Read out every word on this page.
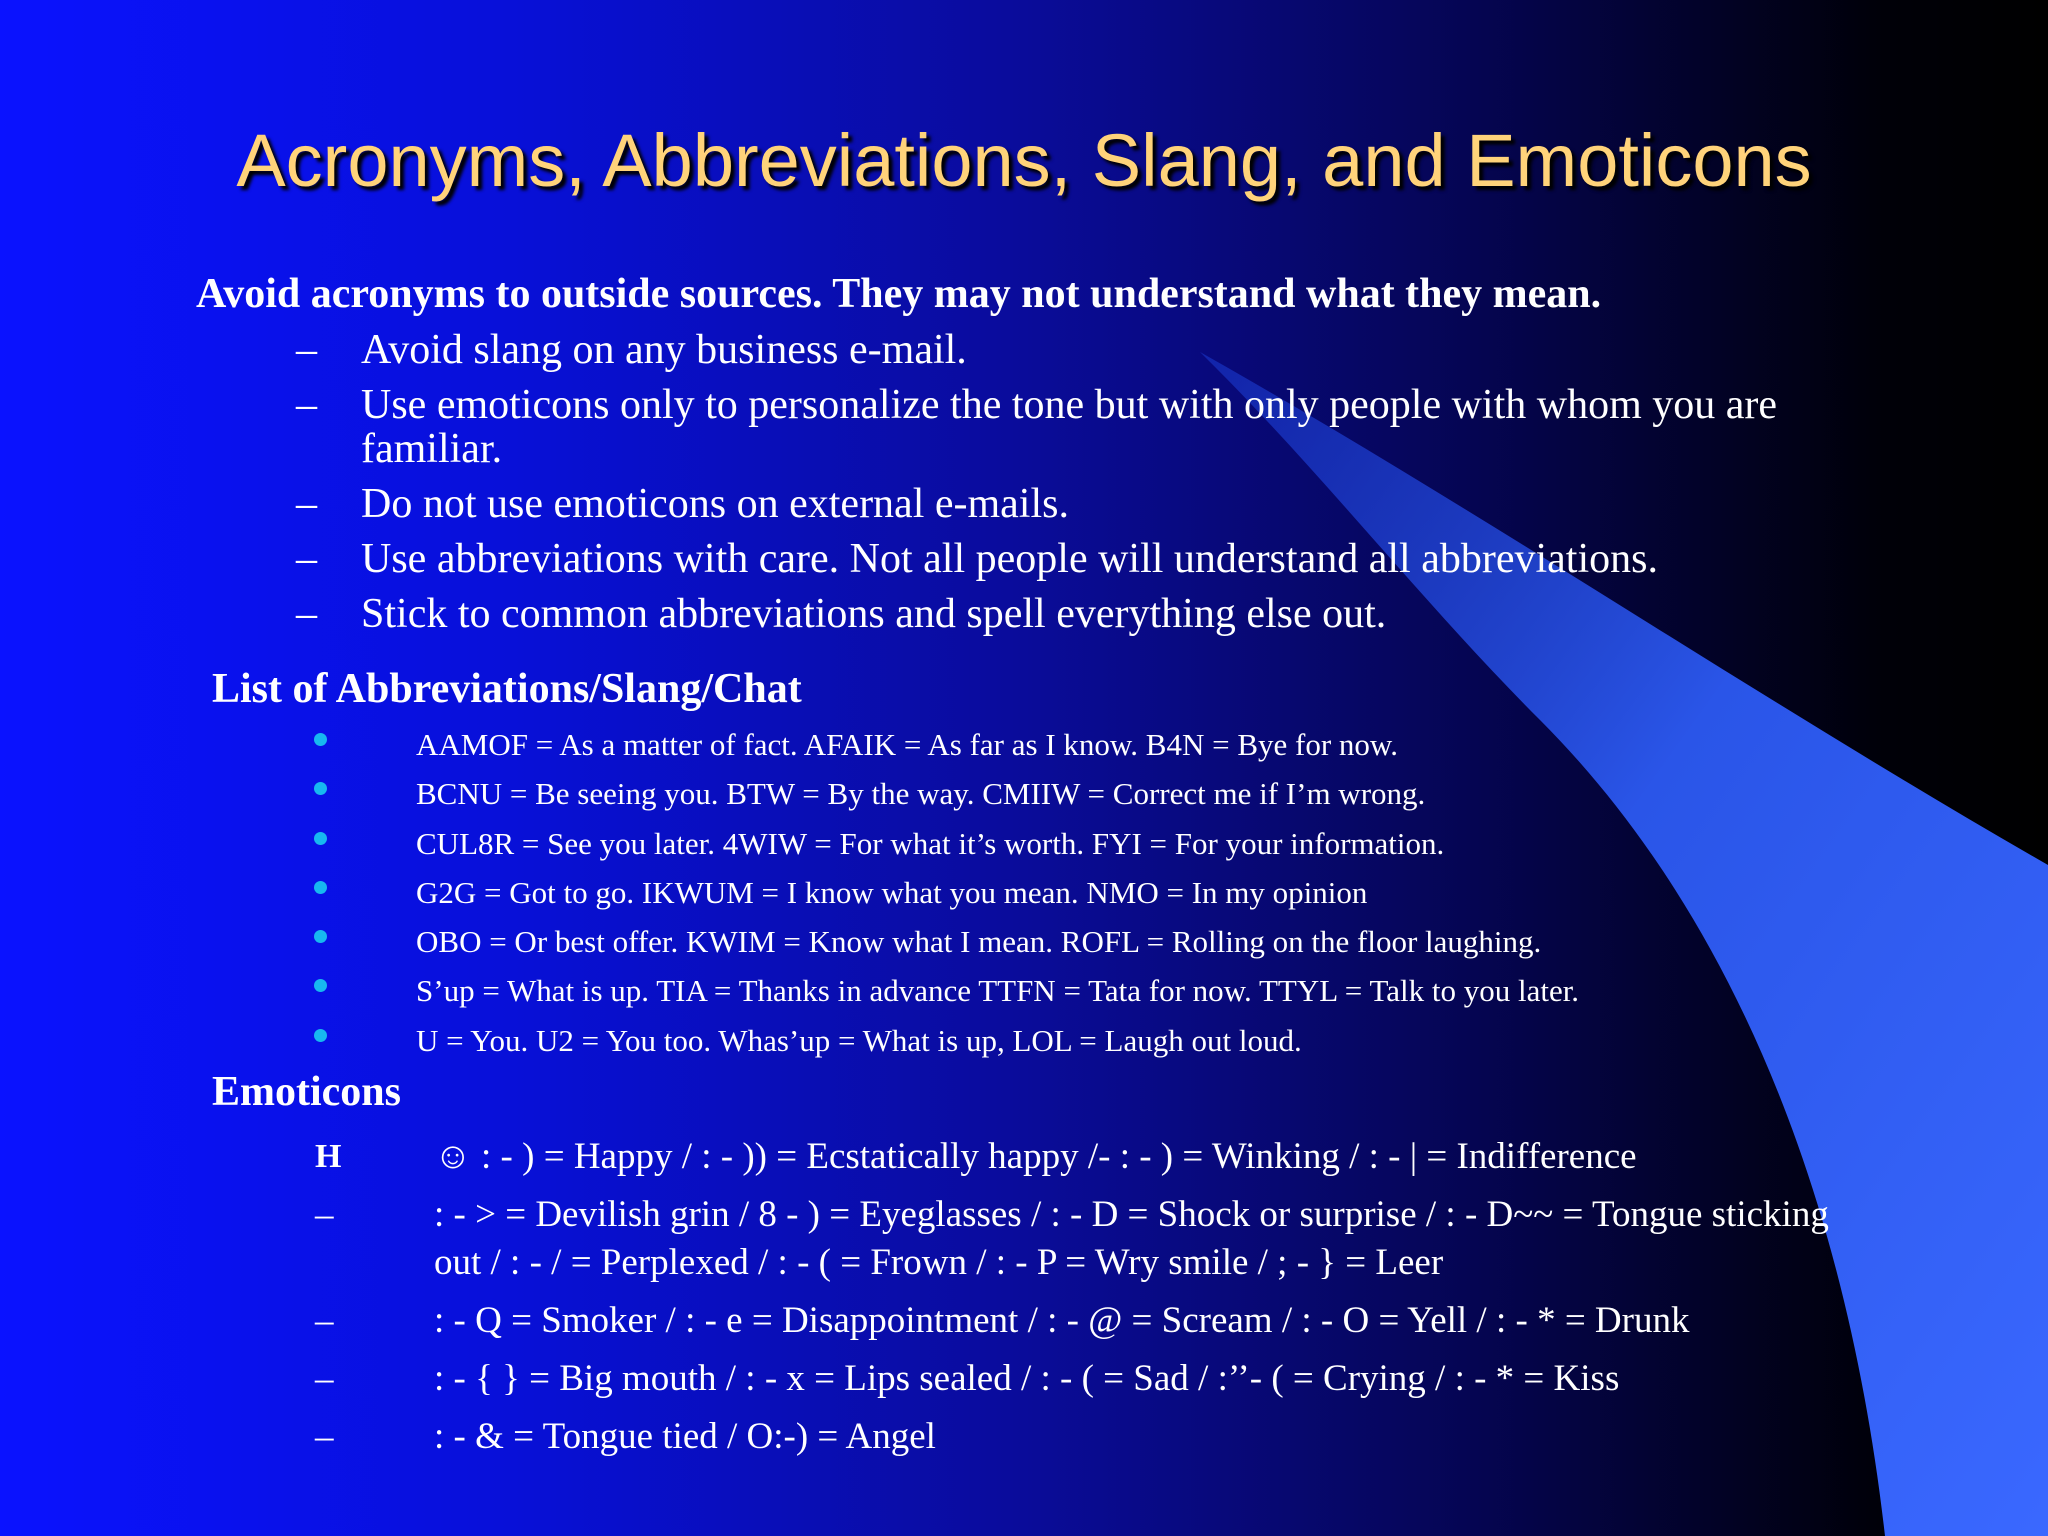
Acronyms, Abbreviations, Slang, and Emoticons
Avoid acronyms to outside sources. They may not understand what they mean.
– Avoid slang on any business e-mail.
– Use emoticons only to personalize the tone but with only people with whom you are familiar.
– Do not use emoticons on external e-mails.
– Use abbreviations with care. Not all people will understand all abbreviations.
– Stick to common abbreviations and spell everything else out.
List of Abbreviations/Slang/Chat
AAMOF = As a matter of fact. AFAIK = As far as I know. B4N = Bye for now.
BCNU = Be seeing you. BTW = By the way. CMIIW = Correct me if I’m wrong.
CUL8R = See you later. 4WIW = For what it’s worth. FYI = For your information.
G2G = Got to go. IKWUM = I know what you mean. NMO = In my opinion
OBO = Or best offer. KWIM = Know what I mean. ROFL = Rolling on the floor laughing.
S’up = What is up. TIA = Thanks in advance TTFN = Tata for now. TTYL = Talk to you later.
U = You. U2 = You too. Whas’up = What is up, LOL = Laugh out loud.
Emoticons
H	☺ : - ) = Happy / : - )) = Ecstatically happy /- : - ) = Winking / : - | = Indifference
–	: - > = Devilish grin / 8 - ) = Eyeglasses / : - D = Shock or surprise / : - D~~ = Tongue sticking out / : - / = Perplexed / : - ( = Frown / : - P = Wry smile / ; - } = Leer
–	: - Q = Smoker / : - e = Disappointment / : - @ = Scream / : - O = Yell / : - * = Drunk
–	: - { } = Big mouth / : - x = Lips sealed / : - ( = Sad / :’’- ( = Crying / : - * = Kiss
–	: - & = Tongue tied / O:-) = Angel
